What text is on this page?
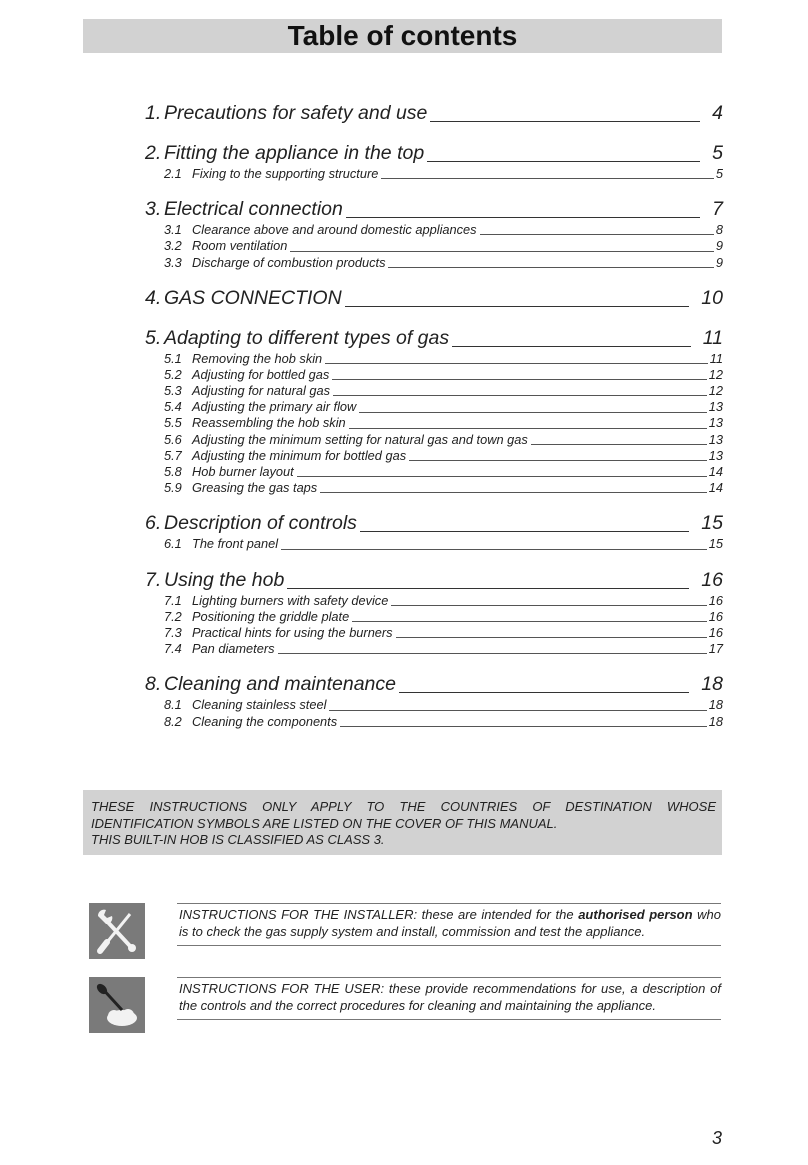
Table of contents
1. Precautions for safety and use	4
2. Fitting the appliance in the top	5
2.1 Fixing to the supporting structure	5
3. Electrical connection	7
3.1 Clearance above and around domestic appliances	8
3.2 Room ventilation	9
3.3 Discharge of combustion products	9
4. GAS CONNECTION	10
5. Adapting to different types of gas	11
5.1 Removing the hob skin	11
5.2 Adjusting for bottled gas	12
5.3 Adjusting for natural gas	12
5.4 Adjusting the primary air flow	13
5.5 Reassembling the hob skin	13
5.6 Adjusting the minimum setting for natural gas and town gas	13
5.7 Adjusting the minimum for bottled gas	13
5.8 Hob burner layout	14
5.9 Greasing the gas taps	14
6. Description of controls	15
6.1 The front panel	15
7. Using the hob	16
7.1 Lighting burners with safety device	16
7.2 Positioning the griddle plate	16
7.3 Practical hints for using the burners	16
7.4 Pan diameters	17
8. Cleaning and maintenance	18
8.1 Cleaning stainless steel	18
8.2 Cleaning the components	18

THESE INSTRUCTIONS ONLY APPLY TO THE COUNTRIES OF DESTINATION WHOSE IDENTIFICATION SYMBOLS ARE LISTED ON THE COVER OF THIS MANUAL.

THIS BUILT-IN HOB IS CLASSIFIED AS CLASS 3.

INSTRUCTIONS FOR THE INSTALLER: these are intended for the authorised person who is to check the gas supply system and install, commission and test the appliance.
INSTRUCTIONS FOR THE USER: these provide recommendations for use, a description of the controls and the correct procedures for cleaning and maintaining the appliance.
3
